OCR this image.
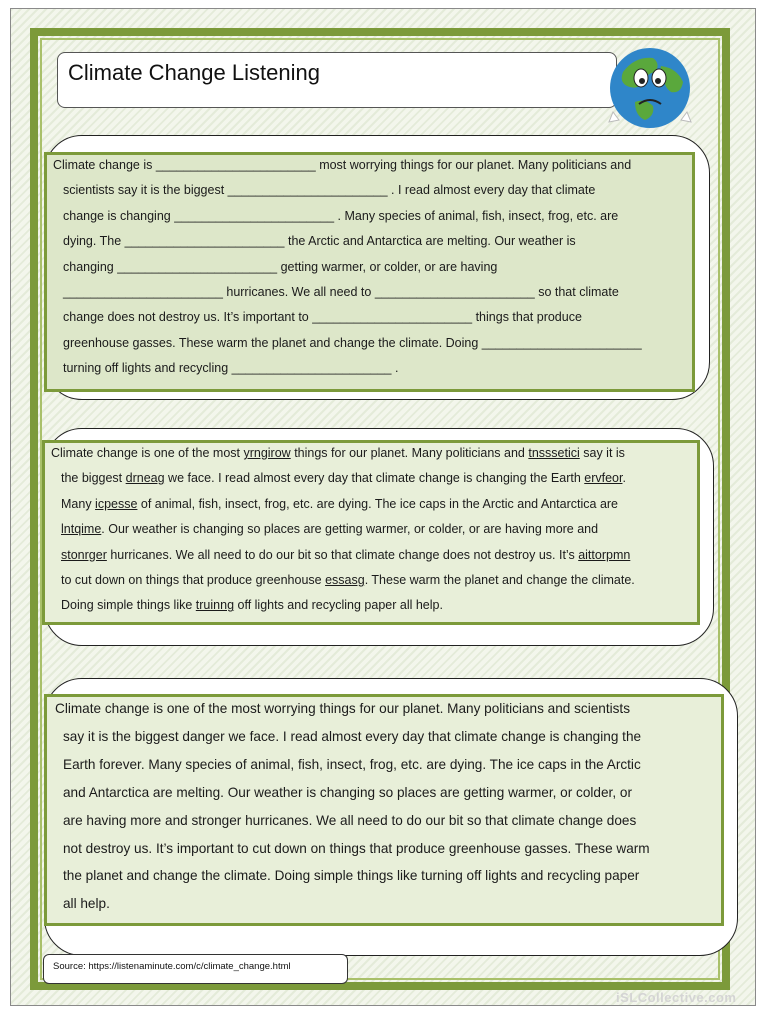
Climate Change Listening

Climate change is _______________________ most worrying things for our planet. Many politicians and

scientists say it is the biggest _______________________ . I read almost every day that climate

change is changing _______________________ . Many species of animal, fish, insect, frog, etc. are

dying. The _______________________ the Arctic and Antarctica are melting. Our weather is

changing _______________________ getting warmer, or colder, or are having

_______________________ hurricanes. We all need to _______________________ so that climate

change does not destroy us. It’s important to _______________________ things that produce

greenhouse gasses. These warm the planet and change the climate. Doing _______________________

turning off lights and recycling _______________________ .

Climate change is one of the most yrngirow things for our planet. Many politicians and tnsssetici say it is

the biggest drneag we face. I read almost every day that climate change is changing the Earth ervfeor.

Many icpesse of animal, fish, insect, frog, etc. are dying. The ice caps in the Arctic and Antarctica are

lntqime. Our weather is changing so places are getting warmer, or colder, or are having more and

stonrger hurricanes. We all need to do our bit so that climate change does not destroy us. It’s aittorpmn

to cut down on things that produce greenhouse essasg. These warm the planet and change the climate.

Doing simple things like truinng off lights and recycling paper all help.

Climate change is one of the most worrying things for our planet. Many politicians and scientists

say it is the biggest danger we face. I read almost every day that climate change is changing the

Earth forever. Many species of animal, fish, insect, frog, etc. are dying. The ice caps in the Arctic

and Antarctica are melting. Our weather is changing so places are getting warmer, or colder, or

are having more and stronger hurricanes. We all need to do our bit so that climate change does

not destroy us. It’s important to cut down on things that produce greenhouse gasses. These warm

the planet and change the climate. Doing simple things like turning off lights and recycling paper

all help.

Source: https://listenaminute.com/c/climate_change.html
iSLCollective.com
